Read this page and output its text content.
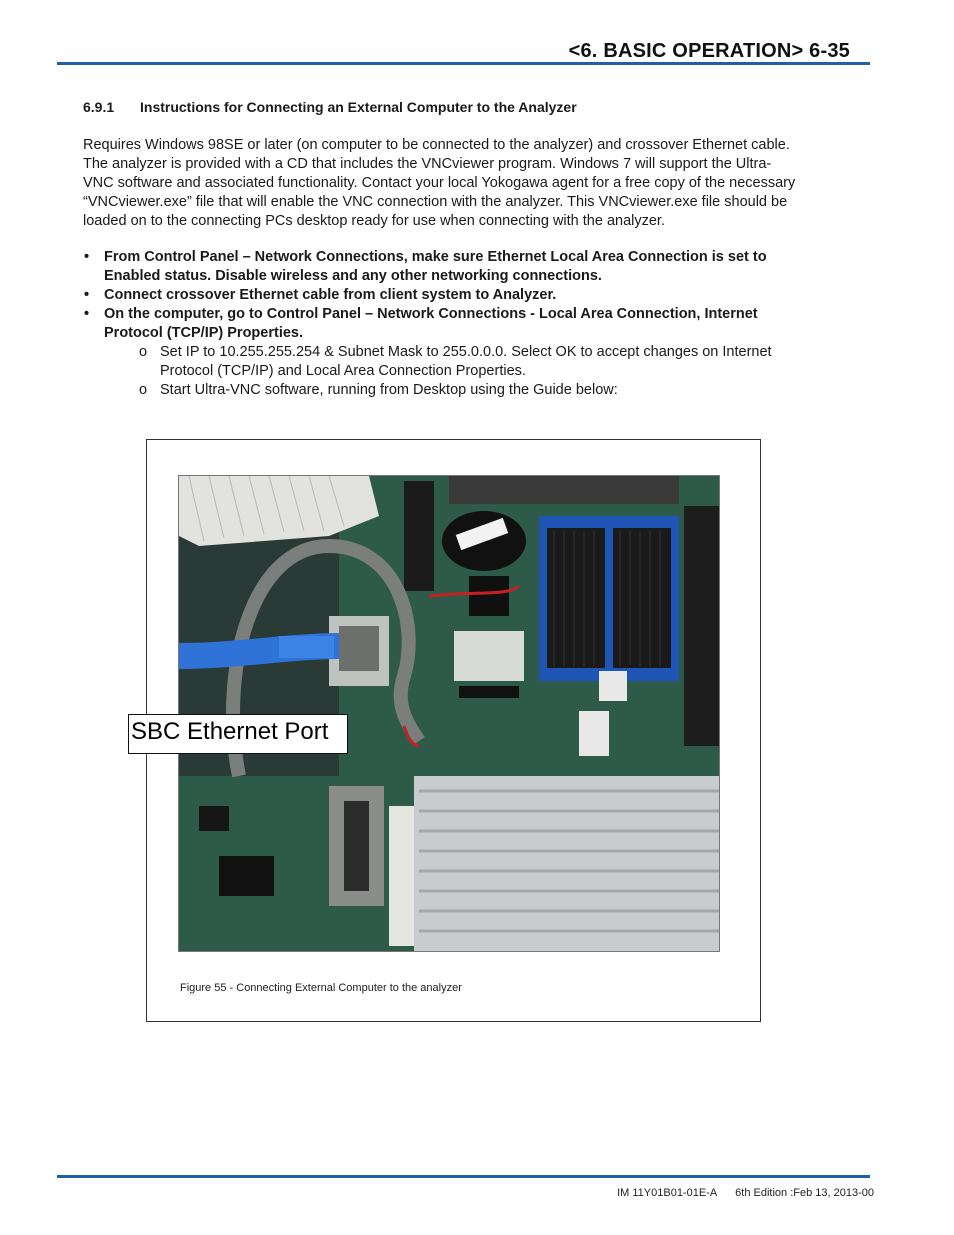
<6. BASIC OPERATION> 6-35
6.9.1 Instructions for Connecting an External Computer to the Analyzer
Requires Windows 98SE or later (on computer to be connected to the analyzer) and crossover Ethernet cable.
The analyzer is provided with a CD that includes the VNCviewer program. Windows 7 will support the Ultra-
VNC software and associated functionality. Contact your local Yokogawa agent for a free copy of the necessary
“VNCviewer.exe” file that will enable the VNC connection with the analyzer. This VNCviewer.exe file should be
loaded on to the connecting PCs desktop ready for use when connecting with the analyzer.
• From Control Panel – Network Connections, make sure Ethernet Local Area Connection is set to
Enabled status. Disable wireless and any other networking connections.
• Connect crossover Ethernet cable from client system to Analyzer.
• On the computer, go to Control Panel – Network Connections - Local Area Connection, Internet
Protocol (TCP/IP) Properties.
o Set IP to 10.255.255.254 & Subnet Mask to 255.0.0.0. Select OK to accept changes on Internet
Protocol (TCP/IP) and Local Area Connection Properties.
o Start Ultra-VNC software, running from Desktop using the Guide below:
SBC Ethernet Port
Figure 55 - Connecting External Computer to the analyzer
IM 11Y01B01-01E-A 6th Edition :Feb 13, 2013-00
